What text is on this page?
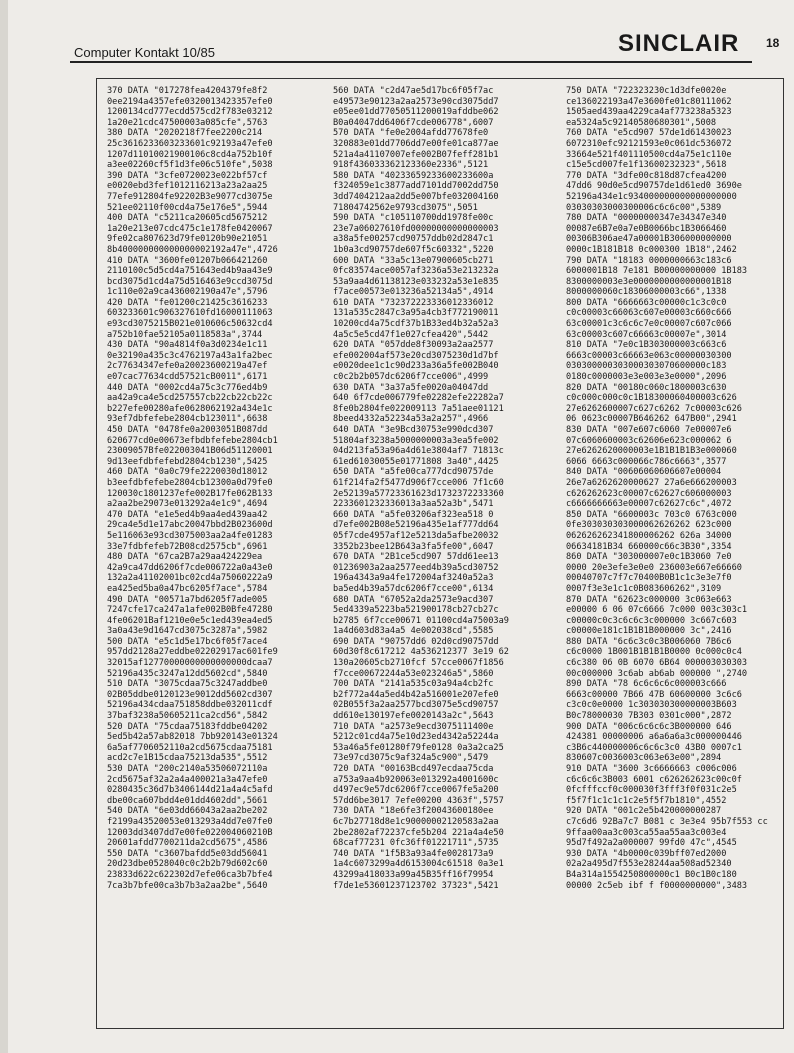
Computer Kontakt 10/85	SINCLAIR 18
370 DATA "017278fea4204379fe8f2
0ee2194a4357efe0320013423357efe0
1200134cd777ecdd575cd2f783e03212
1a20e21cdc47500003a085cfe",5763
380 DATA "2020218f7fee2200c214
25c3616233603233601c92193a47efe0
1207d11010021900106c8cd4a752b10f
a3ee02260cf5f1d3fe06c510fe",5038
390 DATA "3cfe0720023e022bf57cf
e0020ebd3fef1012116213a23a2aa25
77efe912804fe92202B3e9077cd3075e
521ee02110f00cd4a75e176e5",5944
400 DATA "c5211ca20605cd5675212
1a20e213e07cdc475c1e178fe0420067
9fe02ca807623d79fe0120b90e21051
8b400000000000000002192a47e",4726
410 DATA "3600fe01207b066421260
2110100c5d5cd4a751643ed4b9aa43e9
bcd3075d1cd4a75d516463e9ccd3075d
1c110e02a9ca436002190a47e",5796
420 DATA "fe01200c21425c3616233
603233601c906327610fd16000111063
e93cd3075215B021e010606c50632cd4
a752b10fae52105a0118583a",3744
430 DATA "90a4814f0a3d0234e1c11
0e32190a435c3c4762197a43a1fa2bec
2c77634347efe0a20023600219a47ef
e07cac77634cdd57521cB0011",6171
440 DATA "0002cd4a75c3c776ed4b9
aa42a9ca4e5cd257557cb22cb22cb22c
b227efe00280afe0628062192a434e1c
93ef7dbfefebe2804cb123011",6638
450 DATA "0478fe0a2003051B087dd
620677cd0e00673efbdbfefebe2804cb1
23009057Bfe022003041B06d51120001
9d13eefdbfefebd2804cb1230",5425
460 DATA "0a0c79fe2220030d18012
b3eefdbfefebe2804cb12300a0d79fe0
120030c1801237efe002B17fe062B133
a2aa2be29073e013292a4e1c9",4694
470 DATA "e1e5ed4b9aa4ed439aa42
29ca4e5d1e17abc20047bbd2B023600d
5e116063e93cd3075003aa2a4fe01283
33e7fdbfefeb72B08cd2575cb",6961
480 DATA "67ca2B7a29aa424229ea
42a9ca47dd6206f7cde006722a0a43e0
132a2a41102001bc02cd4a75060222a9
ea425ed5ba0a47bc6205f7ace",5784
490 DATA "00571a7bd6205f7ade005
7247cfe17ca247a1afe002B0Bfe47280
4fe06201Baf1210e0e5c1ed439ea4ed5
3a0a43e9d1647cd3075c3287a",5982
500 DATA "e5c1d5e17bc6f05f7ace4
957dd2128a27eddbe02202917ac601fe9
32015af12770000000000000000dcaa7
52196a435c3247a12dd5602cd",5840
510 DATA "3075cdaa75c3247addbe0
02B05ddbe0120123e9012dd5602cd307
52196a434cdaa751858ddbe032011cdf
37baf3238a50605211ca2cd56",5842
520 DATA "75cdaa75183fddbe04202
5ed5b42a57ab82018 7bb920143e01324
6a5af7706052110a2cd5675cdaa75181
acd2c7e1B15cdaa75213da535",5512
530 DATA "200c2140a53506072110a
2cd5675af32a2a4a400021a3a47efe0
0280435c36d7b3406144d21a4a4c5afd
dbe00ca607bdd4e01dd4602dd",5661
540 DATA "6e03dd66043a2aa2be202
f2199a43520053e013293a4dd7e07fe0
12003dd3407dd7e00fe022004060210B
20601afdd7700211da2cd5675",4586
550 DATA "c3607bafdd5e03dd56041
20d23dbe0528040c0c2b2b79d602c60
23833d622c622302d7efe06ca3b7bfe4
7ca3b7bfe00ca3b7b3a2aa2be",5640
560 DATA "c2d47ae5d17bc6f05f7ac
e49573e90123a2aa2573e90cd3075dd7
e05ee01dd77050511200019afddbe062
B0a04047dd6406f7cde006778",6007
570 DATA "fe0e2004afdd77678fe0
320883e01dd7706dd7e00fe01ca877ae
521a4a41107007efe002B07feff281b1
918f436033362123360e2336",5121
580 DATA "40233659233600233600a
f324059e1c3877add7101dd7002dd750
3dd7404212aa2dd5e007bfe032004160
71804742562e9793cd3075",5051
590 DATA "c105110700dd1978fe00c
23e7a06027610fd00000000000000003
a38a5fe00257cd90757ddb02d2847c1
1b0a3cd90757de607f5c60332",5220
600 DATA "33a5c13e07900605cb271
0fc83574ace0057af3236a53e213232a
53a9aa4d61138123e033232a53e1e835
f7ace00573e013236a52134a5",4914
610 DATA "732372223336012336012
131a535c2847c3a95a4cb3f772190011
10200cd4a75cdf37b1B33ed4b32a52a3
4a5c5e5cd47f1e027cfea420",5442
620 DATA "057dde8f30093a2aa2577
efe002004af573e20cd3075230d1d7bf
e0020dee1c1c90d233a36a5fe002B040
c0c2b2b057dc6206f7cce006",4999
630 DATA "3a37a5fe0020a04047dd
640 6f7cde006779fe02282efe22282a7
8fe0b2804fe022009113 7a51aee01121
8beed4332a52234a53a2a257",4966
640 DATA "3e9Bcd30753e990dcd307
51804af3238a5000000003a3ea5fe002
04d213fa53a96a4d61e3804af7 71813c
61ed61030055e01771808 3a40",4425
650 DATA "a5fe00ca777dcd90757de
61f214fa2f5477d906f7cce006 7f1c60
2e52139a57723361623d1732372233360
2233601232336013a3aa52a3b",5471
660 DATA "a5fe03206af323ea518 0
d7efe002B08e52196a435e1af777dd64
05f7cde4957af12e5213da5afbe20032
3352b23bee12B643a3fa5fe00",6047
670 DATA "2B1ce5cd907 57dd61ee13
01236903a2aa2577eed4b39a5cd30752
196a4343a9a4fe172004af3240a52a3
ba5ed4b39a57dc6206f7cce00",6134
680 DATA "67052a2da2573e9acd307
5ed4339a5223ba521900178cb27cb27c
b2785 6f7cce00671 01100cd4a75003a9
1a4d603d83a4a5 4e002038cd",5585
690 DATA "90757dd6 02d0cd90757dd
60d30f8c617212 4a536212377 3e19 62
130a20605cb2710fcf 57cce0067f1856
f7cce00672244a53e023246a5",5860
700 DATA "2141a535c03a94a4cb2fc
b2f772a44a5ed4b42a516001e207efe0
02B055f3a2aa2577bcd3075e5cd90757
dd610e130197efe0020143a2c",5643
710 DATA "a2573e9ecd3075111400e
5212c01cd4a75e10d23ed4342a52244a
53a46a5fe01280f79fe0128 0a3a2ca25
73e97cd3075c9af324a5c900",5479
720 DATA "00163Bcd497ecdaa75cda
a753a9aa4b920063e013292a4001600c
d497ec9e57dc6206f7cce0067fe5a200
57dd6be3017 7efe00200 4363f",5757
730 DATA "18e6fe3f20043600180ee
6c7b27718d8e1c90000002120583a2aa
2be2802af72237cfe5b204 221a4a4e50
68caf77231 0fc36ff01221711",5735
740 DATA "1f5B3a93a4fe0028173a9
1a4c6073299a4d6153004c61518 0a3e1
43299a418033a99a45B35ff16f79954
f7de1e53601237123702 37323",5421
750 DATA "722323230c1d3dfe0020e
ce136022193a47e3600fe01c80111062
1505aed439aa4229ca4af773238a5323
ea5324a5c92140580680301",5008
760 DATA "e5cd907 57de1d61430023
6072310efc92121593e0c061dc536072
33664e521f401110500cd4a75e1c110e
c15e5cd007fe1f13600232323",5618
770 DATA "3dfe00c818d87cfea4200
47dd6 90d0e5cd90757de1d61ed0 3690e
52196a434e1c934000000000000000000
03030303000300006c6c6c00",5389
780 DATA "00000000347e34347e340
00087e6B7e0a7e0B0066bc1B3066460
00306B306ae47a00001B306000000000
0000c1B181B18 0c000300 1B18",2462
790 DATA "18183 0000000663c183c6
6000001B18 7e181 B00000000000 1B183
8300000003e3e0000000000000001B18
8000000060c18306000003c66",1338
800 DATA "6666663c00000c1c3c0c0
c0c00003c66063c607e00003c660c666
63c00001c3c6c6c7e0c00007c607c066
63c00003c607c66663c00007e",3014
810 DATA "7e0c1B303000003c663c6
6663c00003c66663e063c00000030300
030300000303000303070600000c183
0180c0000003e3e003e3e0000",2096
820 DATA "00180c060c1800003c630
c0c000c000c0c1B18300060400003c626
27e6262600007c627c6262 7c00003c626
06 0623c00007B646262 647B00",2941
830 DATA "007e607c6060 7e00007e6
07c6060600003c62606e623c000062 6
27e6262620000003e1B1B1B1B3e000060
6066 6663c000066c786c6663",3577
840 DATA "00606060606607e00004
26e7a6262620000627 27a6e666200003
c626262623c00007c62627c606000003
c6666666663e00007c62627c6c",4072
850 DATA "6600003c 703c0 6763c000
0fe303030303000062626262 623c000
062626262341800006262 626a 34000
06634181B34 660000c66c3B30",3354
860 DATA "303000007e0c1B3060 7e0
0000 20e3efe3e0e0 236003e667e66660
00040707c7f7c70400B0B1c1c3e3e7f0
0007f3e3e1c1c0B083606262",3109
870 DATA "62623c000000 3c063e663
e00000 6 06 07c6666 7c000 003c303c1
c00000c0c3c6c6c3c000000 3c667c603
c00000e181c1B1B1B000000 3c",2416
880 DATA "6c6c3c0c3B006060 7B6c6
c6c0000 1B001B1B1B1B0000 0c000c0c4
c6c380 06 0B 6070 6B64 000003030303
00c000000 3c6ab ab6ab 000000 ",2740
890 DATA "78 6c6c6c6c000003c666
6663c00000 7B66 47B 60600000 3c6c6
c3c0c0e0000 1c303030300000003B603
B0c78000030 7B303 0301c000",2872
900 DATA "006c6c6c6c3B000000 646
424381 00000006 a6a6a6a3c000000446
c3B6c440000006c6c6c3c0 43B0 0007c1
830607c0036003c063e63e00",2894
910 DATA "3600 3c6666663 c006c006
c6c6c6c3B003 6001 c626262623c00c0f
0fcfffccf0c000030f3fff3f0f031c2e5
f5f7f1c1c1c1c2e5f5f7b1810",4552
920 DATA "001c2e5b420000000287
c7c6d6 92Ba7c7 B081 c 3e3e4 95b7f553 cc
9ffaa00aa3c003ca55aa55aa3c003e4
95d7f492a2a000007 99fd0 47c",4545
930 DATA "4b0000c039bff07ed2000
02a2a495d7f553e28244aa508ad52340
B4a314a1554250800000c1 B0c1B0c180
00000 2c5eb ibf f f0000000000",3483
